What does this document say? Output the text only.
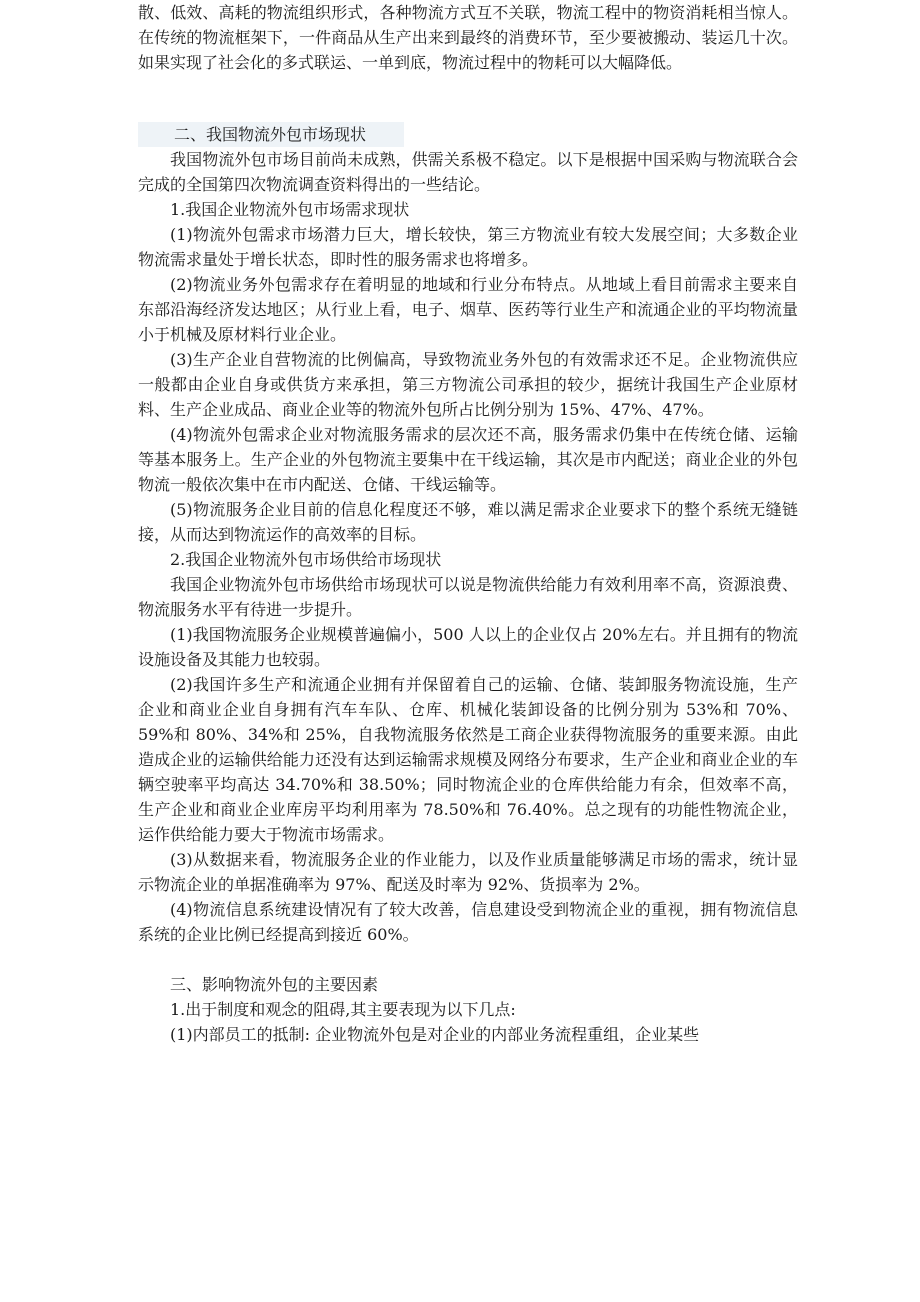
散、低效、高耗的物流组织形式，各种物流方式互不关联，物流工程中的物资消耗相当惊人。在传统的物流框架下，一件商品从生产出来到最终的消费环节，至少要被搬动、装运几十次。如果实现了社会化的多式联运、一单到底，物流过程中的物耗可以大幅降低。

二、我国物流外包市场现状

我国物流外包市场目前尚未成熟，供需关系极不稳定。以下是根据中国采购与物流联合会完成的全国第四次物流调查资料得出的一些结论。

1.我国企业物流外包市场需求现状

(1)物流外包需求市场潜力巨大，增长较快，第三方物流业有较大发展空间；大多数企业物流需求量处于增长状态，即时性的服务需求也将增多。

(2)物流业务外包需求存在着明显的地域和行业分布特点。从地域上看目前需求主要来自东部沿海经济发达地区；从行业上看，电子、烟草、医药等行业生产和流通企业的平均物流量小于机械及原材料行业企业。

(3)生产企业自营物流的比例偏高，导致物流业务外包的有效需求还不足。企业物流供应一般都由企业自身或供货方来承担，第三方物流公司承担的较少，据统计我国生产企业原材料、生产企业成品、商业企业等的物流外包所占比例分别为 15%、47%、47%。

(4)物流外包需求企业对物流服务需求的层次还不高，服务需求仍集中在传统仓储、运输等基本服务上。生产企业的外包物流主要集中在干线运输，其次是市内配送；商业企业的外包物流一般依次集中在市内配送、仓储、干线运输等。

(5)物流服务企业目前的信息化程度还不够，难以满足需求企业要求下的整个系统无缝链接，从而达到物流运作的高效率的目标。

2.我国企业物流外包市场供给市场现状

我国企业物流外包市场供给市场现状可以说是物流供给能力有效利用率不高，资源浪费、物流服务水平有待进一步提升。

(1)我国物流服务企业规模普遍偏小，500 人以上的企业仅占 20%左右。并且拥有的物流设施设备及其能力也较弱。

(2)我国许多生产和流通企业拥有并保留着自己的运输、仓储、装卸服务物流设施，生产企业和商业企业自身拥有汽车车队、仓库、机械化装卸设备的比例分别为 53%和 70%、59%和 80%、34%和 25%，自我物流服务依然是工商企业获得物流服务的重要来源。由此造成企业的运输供给能力还没有达到运输需求规模及网络分布要求，生产企业和商业企业的车辆空驶率平均高达 34.70%和 38.50%；同时物流企业的仓库供给能力有余，但效率不高，生产企业和商业企业库房平均利用率为 78.50%和 76.40%。总之现有的功能性物流企业，运作供给能力要大于物流市场需求。

(3)从数据来看，物流服务企业的作业能力，以及作业质量能够满足市场的需求，统计显示物流企业的单据准确率为 97%、配送及时率为 92%、货损率为 2%。

(4)物流信息系统建设情况有了较大改善，信息建设受到物流企业的重视，拥有物流信息系统的企业比例已经提高到接近 60%。

三、影响物流外包的主要因素

1.出于制度和观念的阻碍,其主要表现为以下几点:

(1)内部员工的抵制: 企业物流外包是对企业的内部业务流程重组，企业某些
